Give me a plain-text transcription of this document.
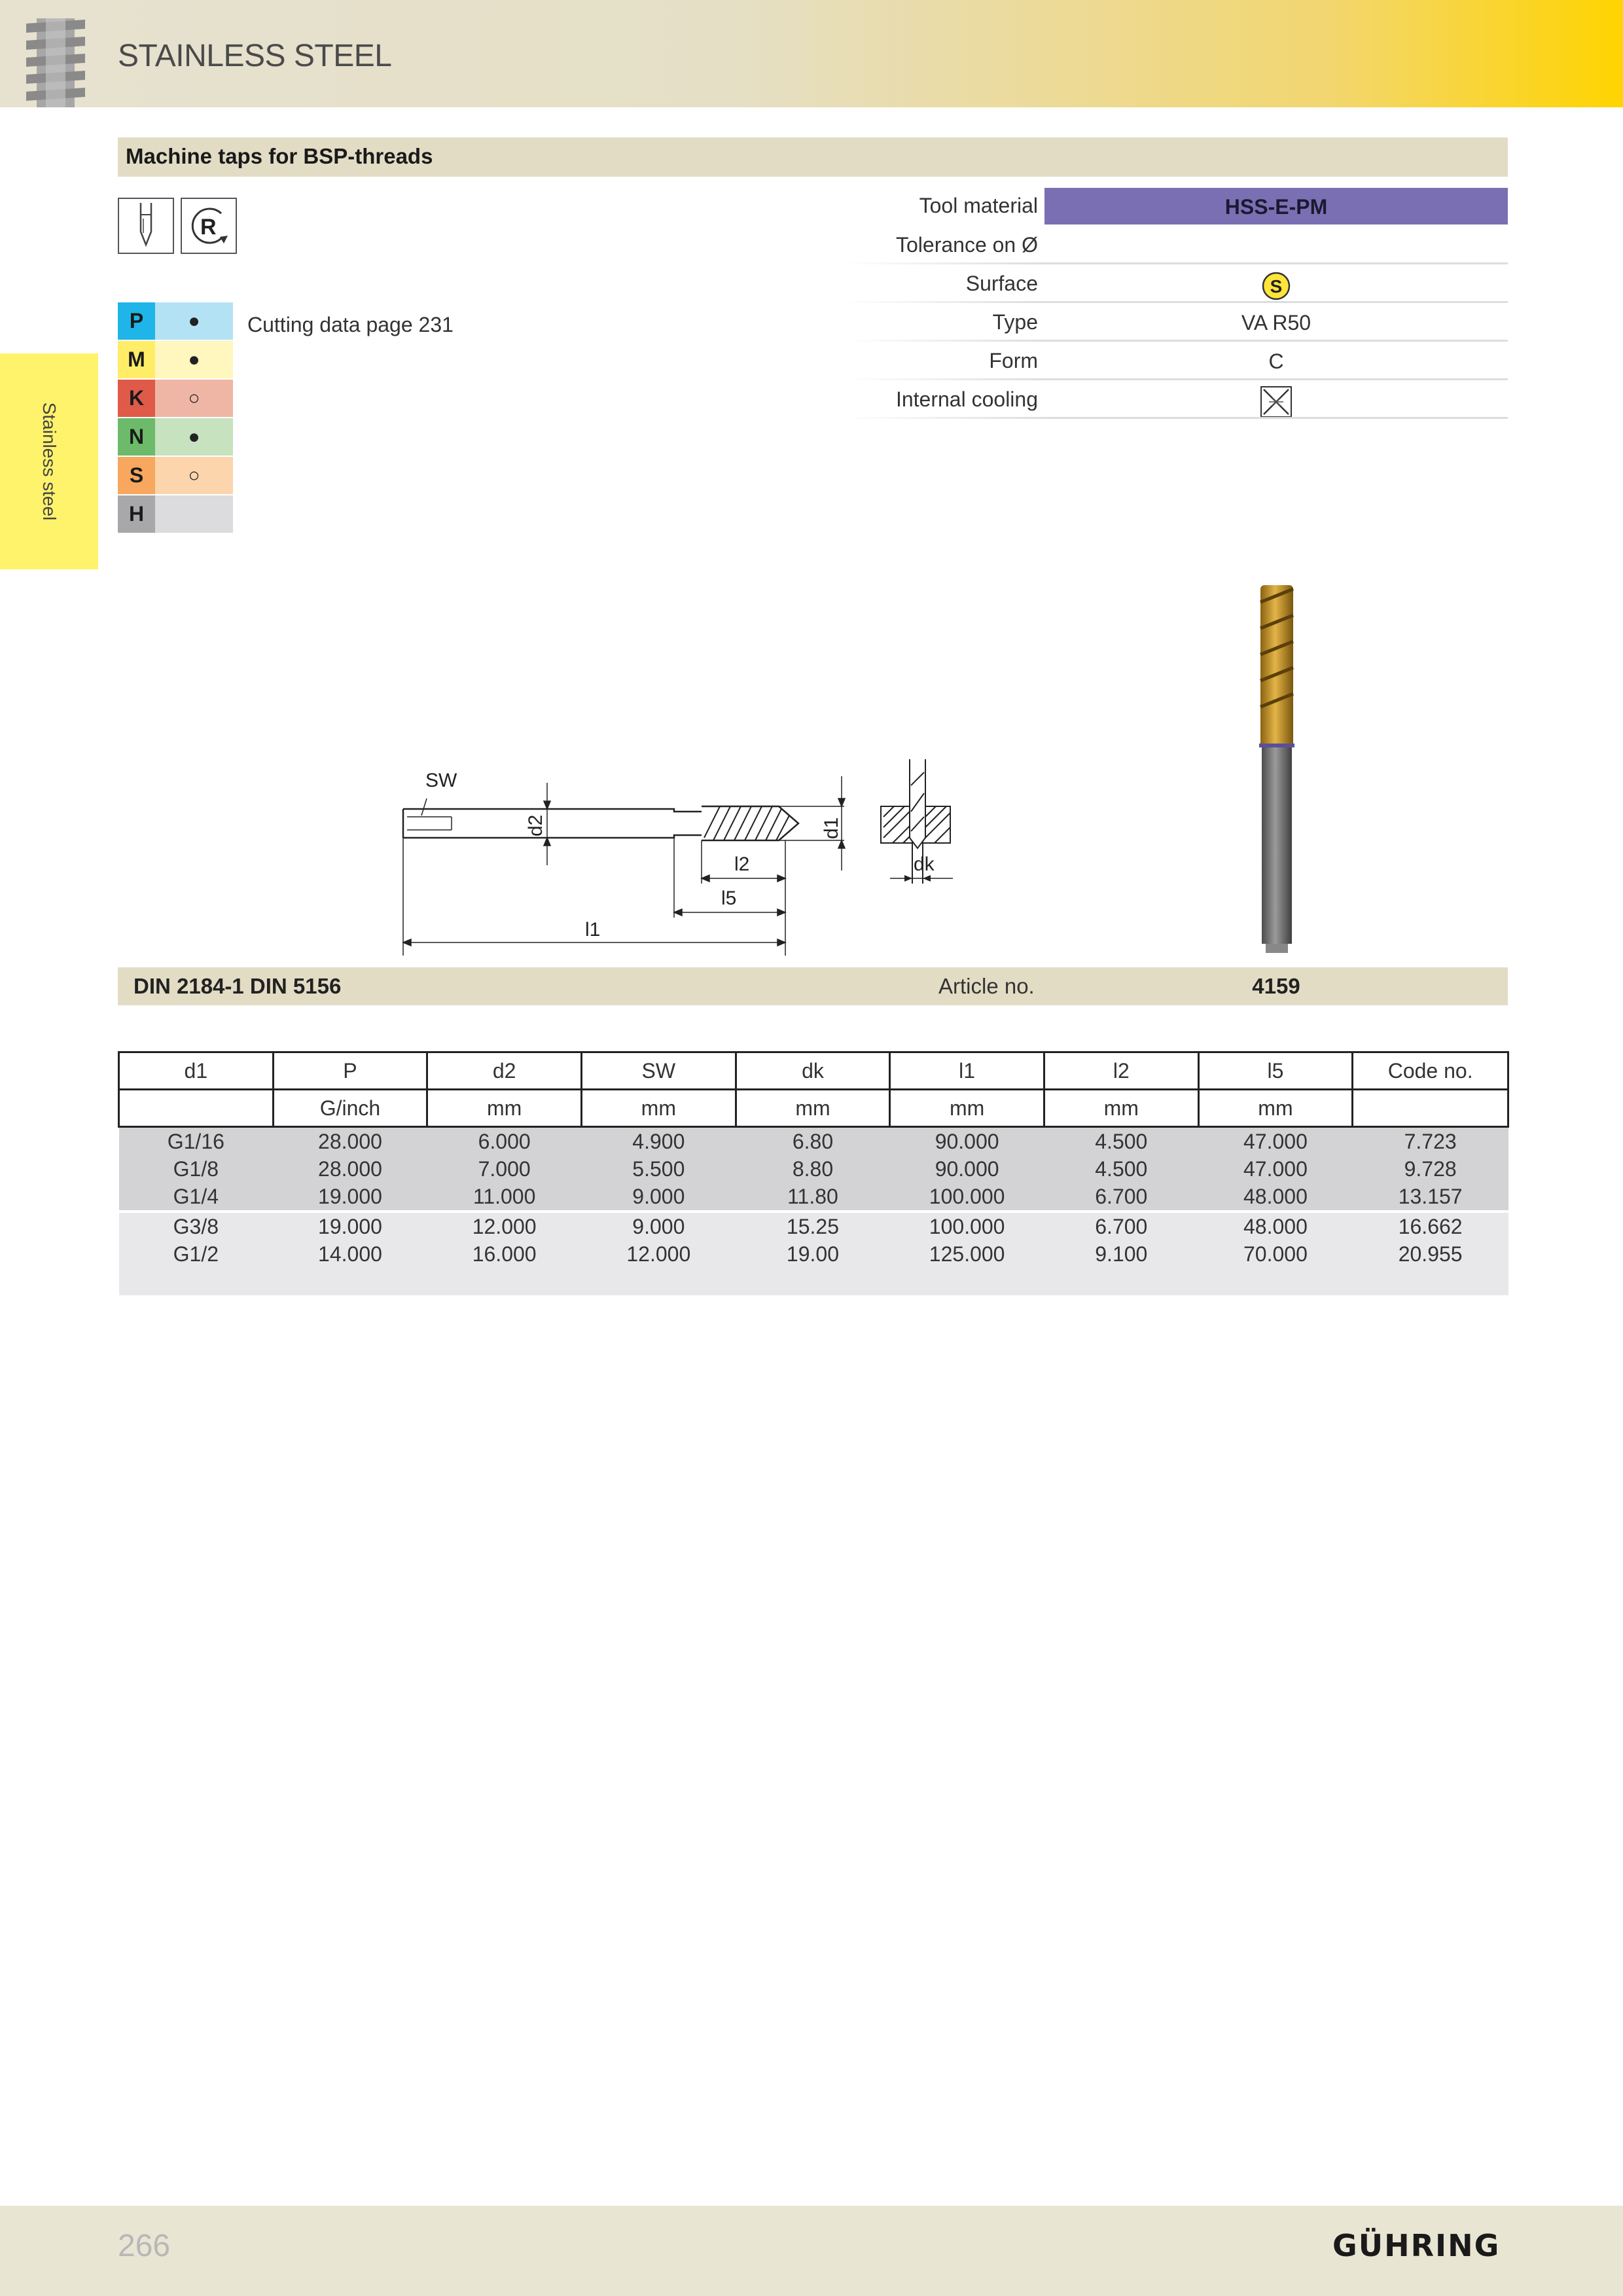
STAINLESS STEEL
Stainless steel
Machine taps for BSP-threads
R
P	●
M	●
K	○
N	●
S	○
H
Cutting data page 231
Tool material	HSS-E-PM
Tolerance on Ø
Surface	S
Type	VA R50
Form	C
Internal cooling
SW
d2	d1
l2
l5
l1
dk
DIN 2184-1 DIN 5156	Article no.	4159
d1	P	d2	SW	dk	l1	l2	l5	Code no.
	G/inch	mm	mm	mm	mm	mm	mm	
G1/16	28.000	6.000	4.900	6.80	90.000	4.500	47.000	7.723
G1/8	28.000	7.000	5.500	8.80	90.000	4.500	47.000	9.728
G1/4	19.000	11.000	9.000	11.80	100.000	6.700	48.000	13.157
G3/8	19.000	12.000	9.000	15.25	100.000	6.700	48.000	16.662
G1/2	14.000	16.000	12.000	19.00	125.000	9.100	70.000	20.955

266	GÜHRING
